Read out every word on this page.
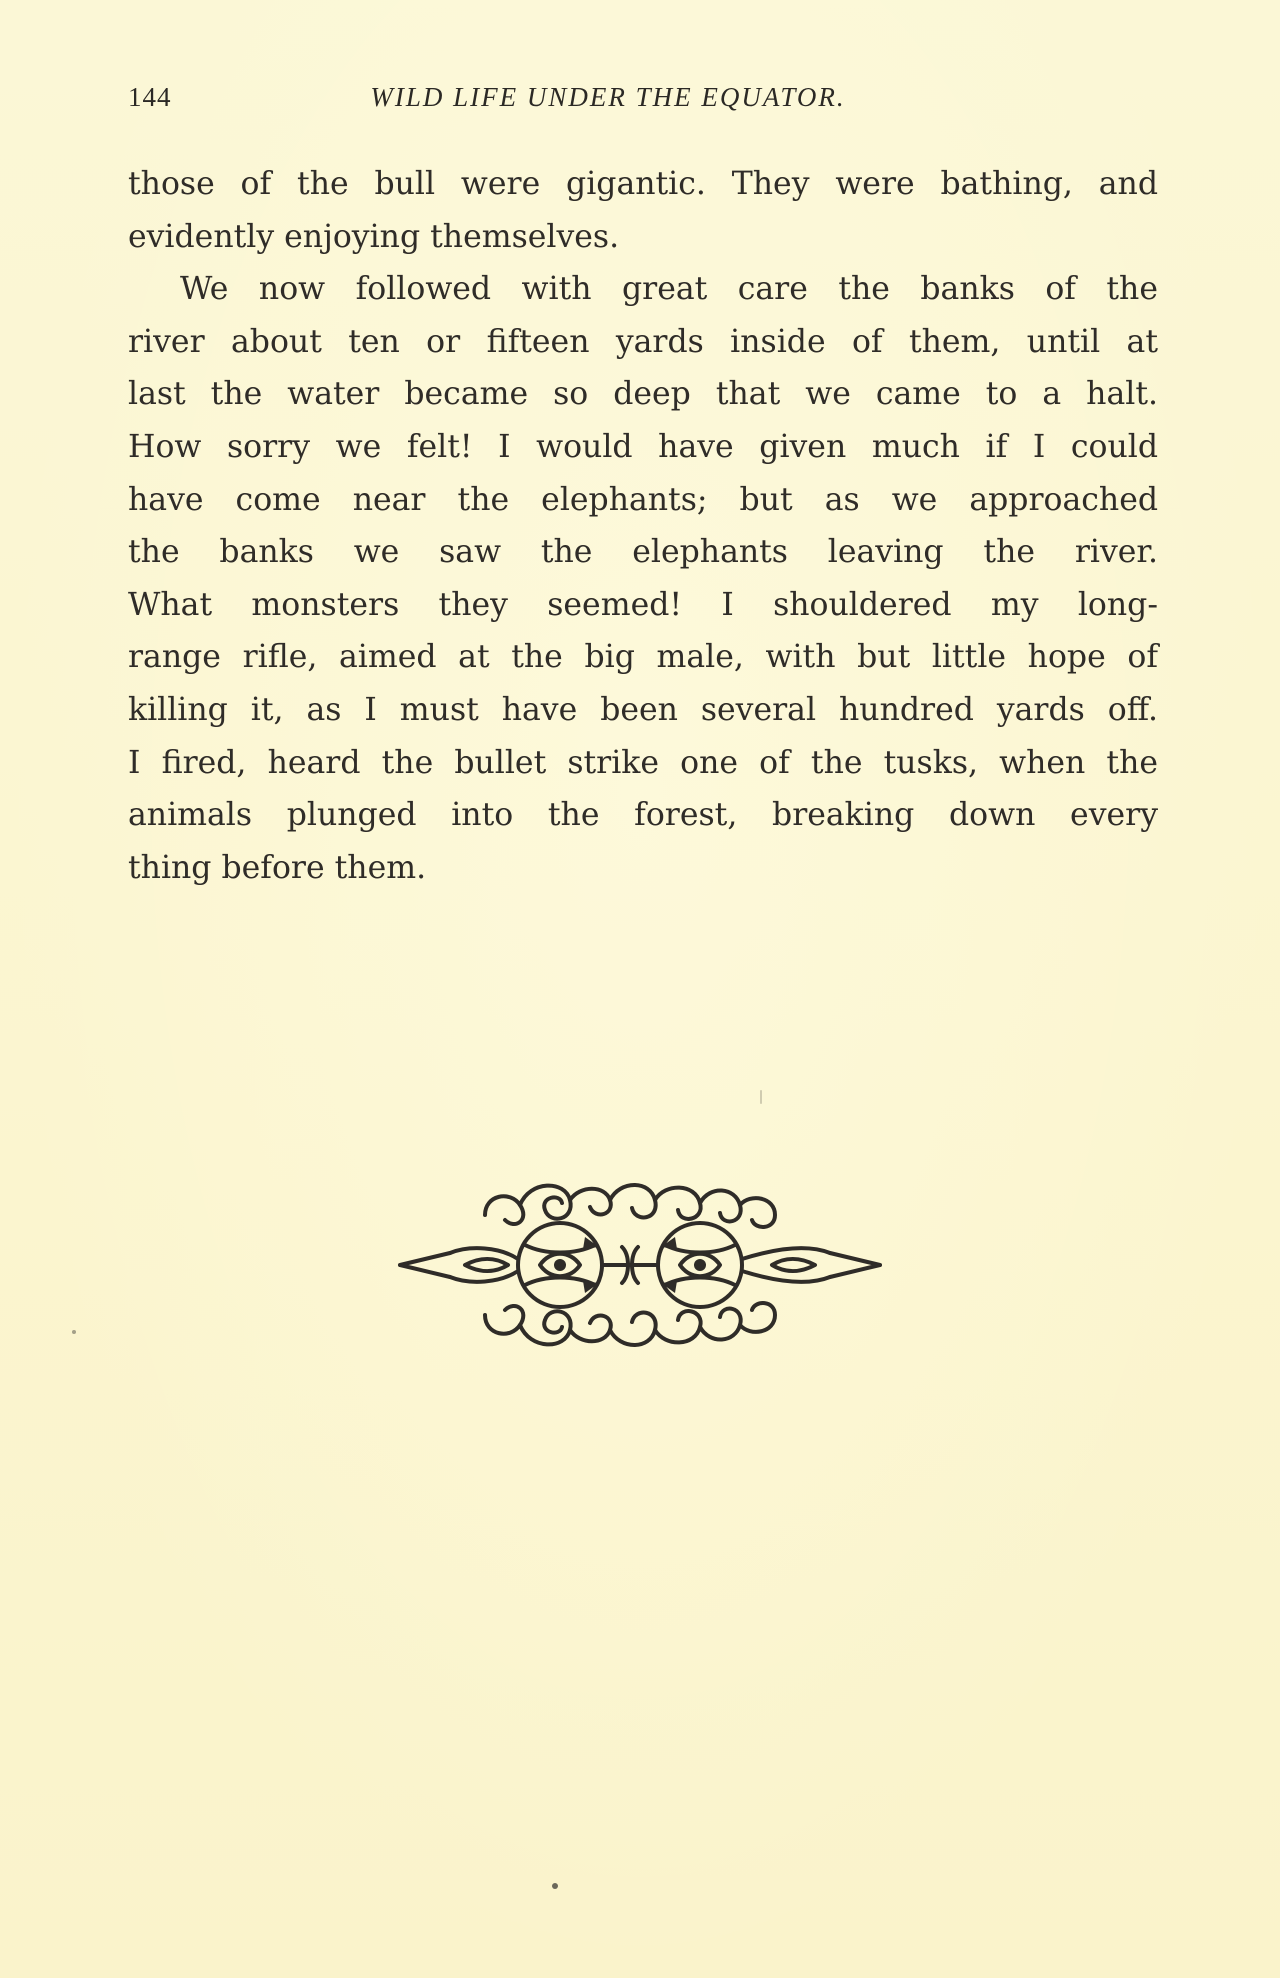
144	WILD LIFE UNDER THE EQUATOR.
those of the bull were gigantic. They were bathing, and
evidently enjoying themselves.
We now followed with great care the banks of the
river about ten or fifteen yards inside of them, until at
last the water became so deep that we came to a halt.
How sorry we felt! I would have given much if I could
have come near the elephants; but as we approached
the banks we saw the elephants leaving the river.
What monsters they seemed! I shouldered my long-
range rifle, aimed at the big male, with but little hope of
killing it, as I must have been several hundred yards off.
I fired, heard the bullet strike one of the tusks, when the
animals plunged into the forest, breaking down every
thing before them.
